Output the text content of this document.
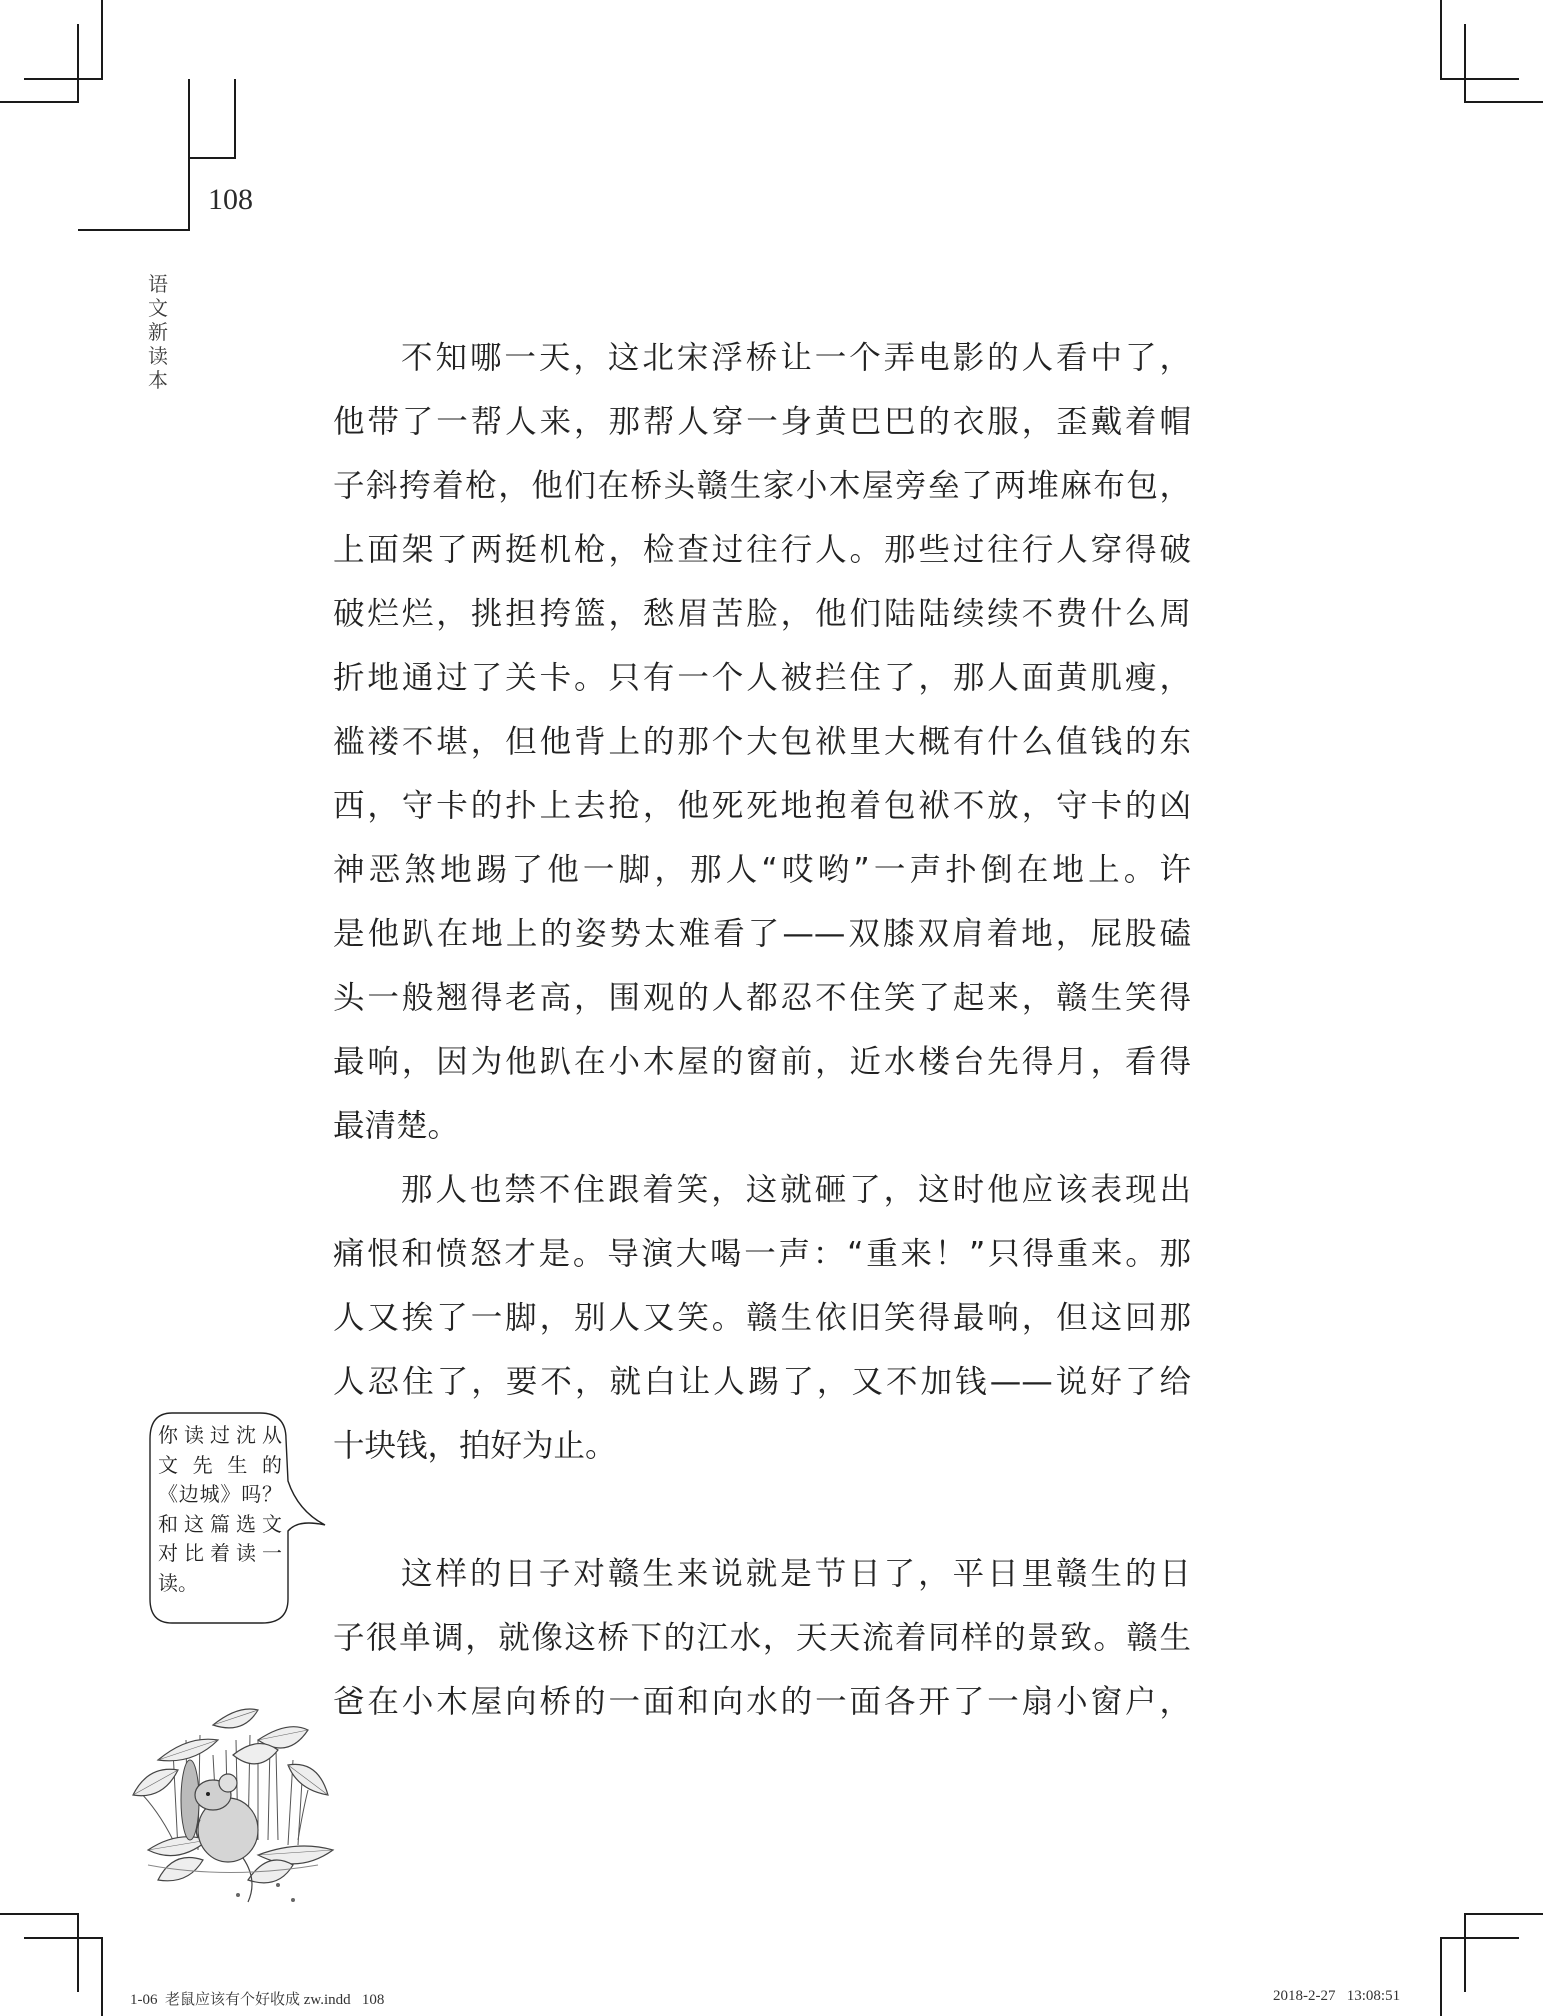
108
语
文
新
读
本
不知哪一天，这北宋浮桥让一个弄电影的人看中了，
他带了一帮人来，那帮人穿一身黄巴巴的衣服，歪戴着帽
子斜挎着枪，他们在桥头赣生家小木屋旁垒了两堆麻布包，
上面架了两挺机枪，检查过往行人。那些过往行人穿得破
破烂烂，挑担挎篮，愁眉苦脸，他们陆陆续续不费什么周
折地通过了关卡。只有一个人被拦住了，那人面黄肌瘦，
褴褛不堪，但他背上的那个大包袱里大概有什么值钱的东
西，守卡的扑上去抢，他死死地抱着包袱不放，守卡的凶
神恶煞地踢了他一脚，那人“哎哟”一声扑倒在地上。许
是他趴在地上的姿势太难看了——双膝双肩着地，屁股磕
头一般翘得老高，围观的人都忍不住笑了起来，赣生笑得
最响，因为他趴在小木屋的窗前，近水楼台先得月，看得
最清楚。
那人也禁不住跟着笑，这就砸了，这时他应该表现出
痛恨和愤怒才是。导演大喝一声：“重来！”只得重来。那
人又挨了一脚，别人又笑。赣生依旧笑得最响，但这回那
人忍住了，要不，就白让人踢了，又不加钱——说好了给
十块钱，拍好为止。
这样的日子对赣生来说就是节日了，平日里赣生的日
子很单调，就像这桥下的江水，天天流着同样的景致。赣生
爸在小木屋向桥的一面和向水的一面各开了一扇小窗户，
你读过沈从
文先生的
《边城》吗？
和这篇选文
对比着读一
读。
1-06  老鼠应该有个好收成 zw.indd   108	2018-2-27   13:08:51
